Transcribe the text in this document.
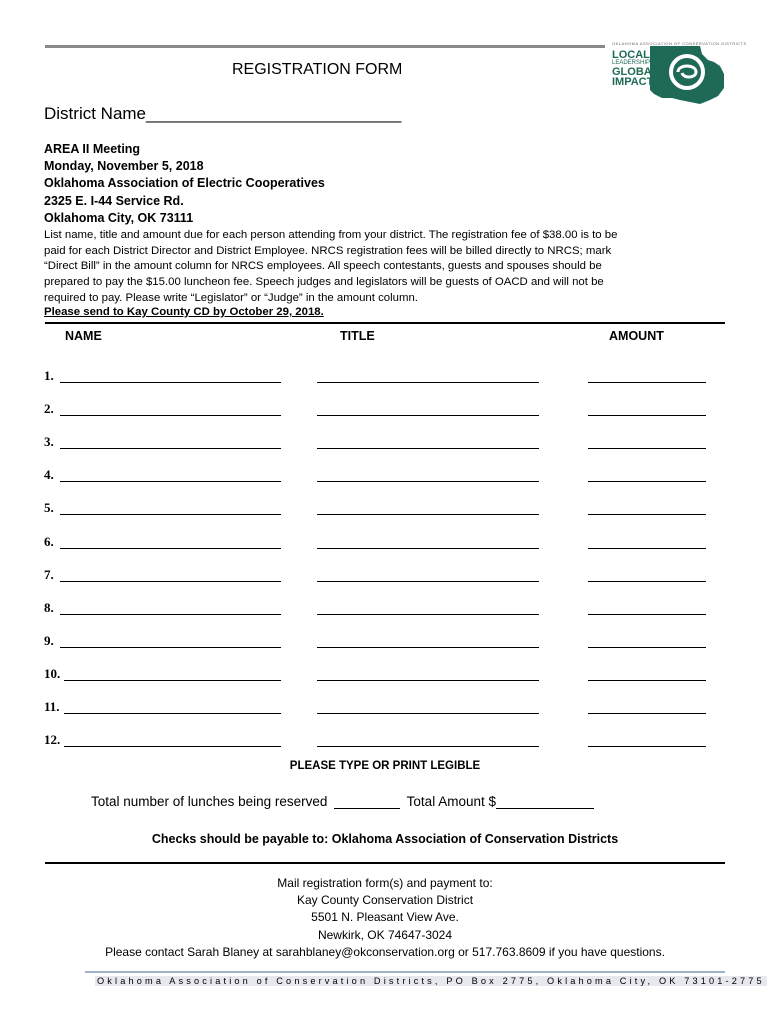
OKLAHOMA ASSOCIATION OF CONSERVATION DISTRICTS
LOCAL
LEADERSHIP
GLOBAL
IMPACT
REGISTRATION FORM
District Name___________________________
AREA II Meeting
Monday, November 5, 2018
Oklahoma Association of Electric Cooperatives
2325 E. I-44 Service Rd.
Oklahoma City, OK 73111
List name, title and amount due for each person attending from your district. The registration fee of $38.00 is to be
paid for each District Director and District Employee. NRCS registration fees will be billed directly to NRCS; mark
“Direct Bill” in the amount column for NRCS employees. All speech contestants, guests and spouses should be
prepared to pay the $15.00 luncheon fee. Speech judges and legislators will be guests of OACD and will not be
required to pay. Please write “Legislator” or “Judge” in the amount column.
Please send to Kay County CD by October 29, 2018.
NAME	TITLE	AMOUNT
1.
2.
3.
4.
5.
6.
7.
8.
9.
10.
11.
12.
PLEASE TYPE OR PRINT LEGIBLE
Total number of lunches being reserved	Total Amount $
Checks should be payable to: Oklahoma Association of Conservation Districts
Mail registration form(s) and payment to:
Kay County Conservation District
5501 N. Pleasant View Ave.
Newkirk, OK 74647-3024
Please contact Sarah Blaney at sarahblaney@okconservation.org or 517.763.8609 if you have questions.
Oklahoma Association of Conservation Districts, PO Box 2775, Oklahoma City, OK 73101-2775
